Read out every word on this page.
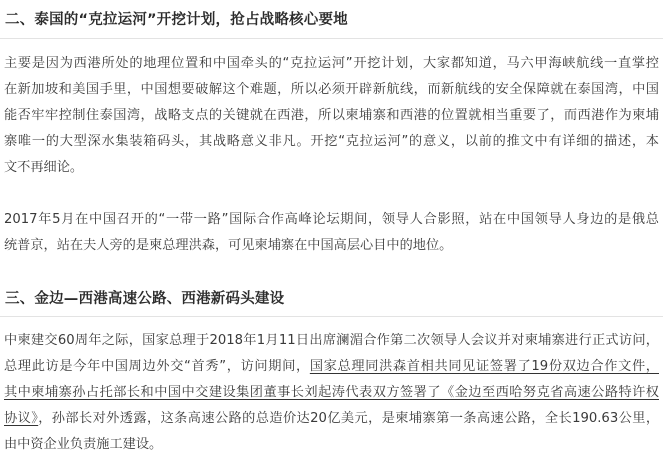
二、泰国的“克拉运河”开挖计划，抢占战略核心要地

主要是因为西港所处的地理位置和中国牵头的“克拉运河”开挖计划，大家都知道，马六甲海峡航线一直掌控
在新加坡和美国手里，中国想要破解这个难题，所以必须开辟新航线，而新航线的安全保障就在泰国湾，中国
能否牢牢控制住泰国湾，战略支点的关键就在西港，所以柬埔寨和西港的位置就相当重要了，而西港作为柬埔
寨唯一的大型深水集装箱码头，其战略意义非凡。开挖“克拉运河”的意义，以前的推文中有详细的描述，本
文不再细论。

2017年5月在中国召开的“一带一路”国际合作高峰论坛期间，领导人合影照，站在中国领导人身边的是俄总
统普京，站在夫人旁的是柬总理洪森，可见柬埔寨在中国高层心目中的地位。

三、金边—西港高速公路、西港新码头建设

中柬建交60周年之际，国家总理于2018年1月11日出席澜湄合作第二次领导人会议并对柬埔寨进行正式访问，
总理此访是今年中国周边外交“首秀”，访问期间，国家总理同洪森首相共同见证签署了19份双边合作文件，
其中柬埔寨孙占托部长和中国中交建设集团董事长刘起涛代表双方签署了《金边至西哈努克省高速公路特许权
协议》，孙部长对外透露，这条高速公路的总造价达20亿美元，是柬埔寨第一条高速公路，全长190.63公里，
由中资企业负责施工建设。
